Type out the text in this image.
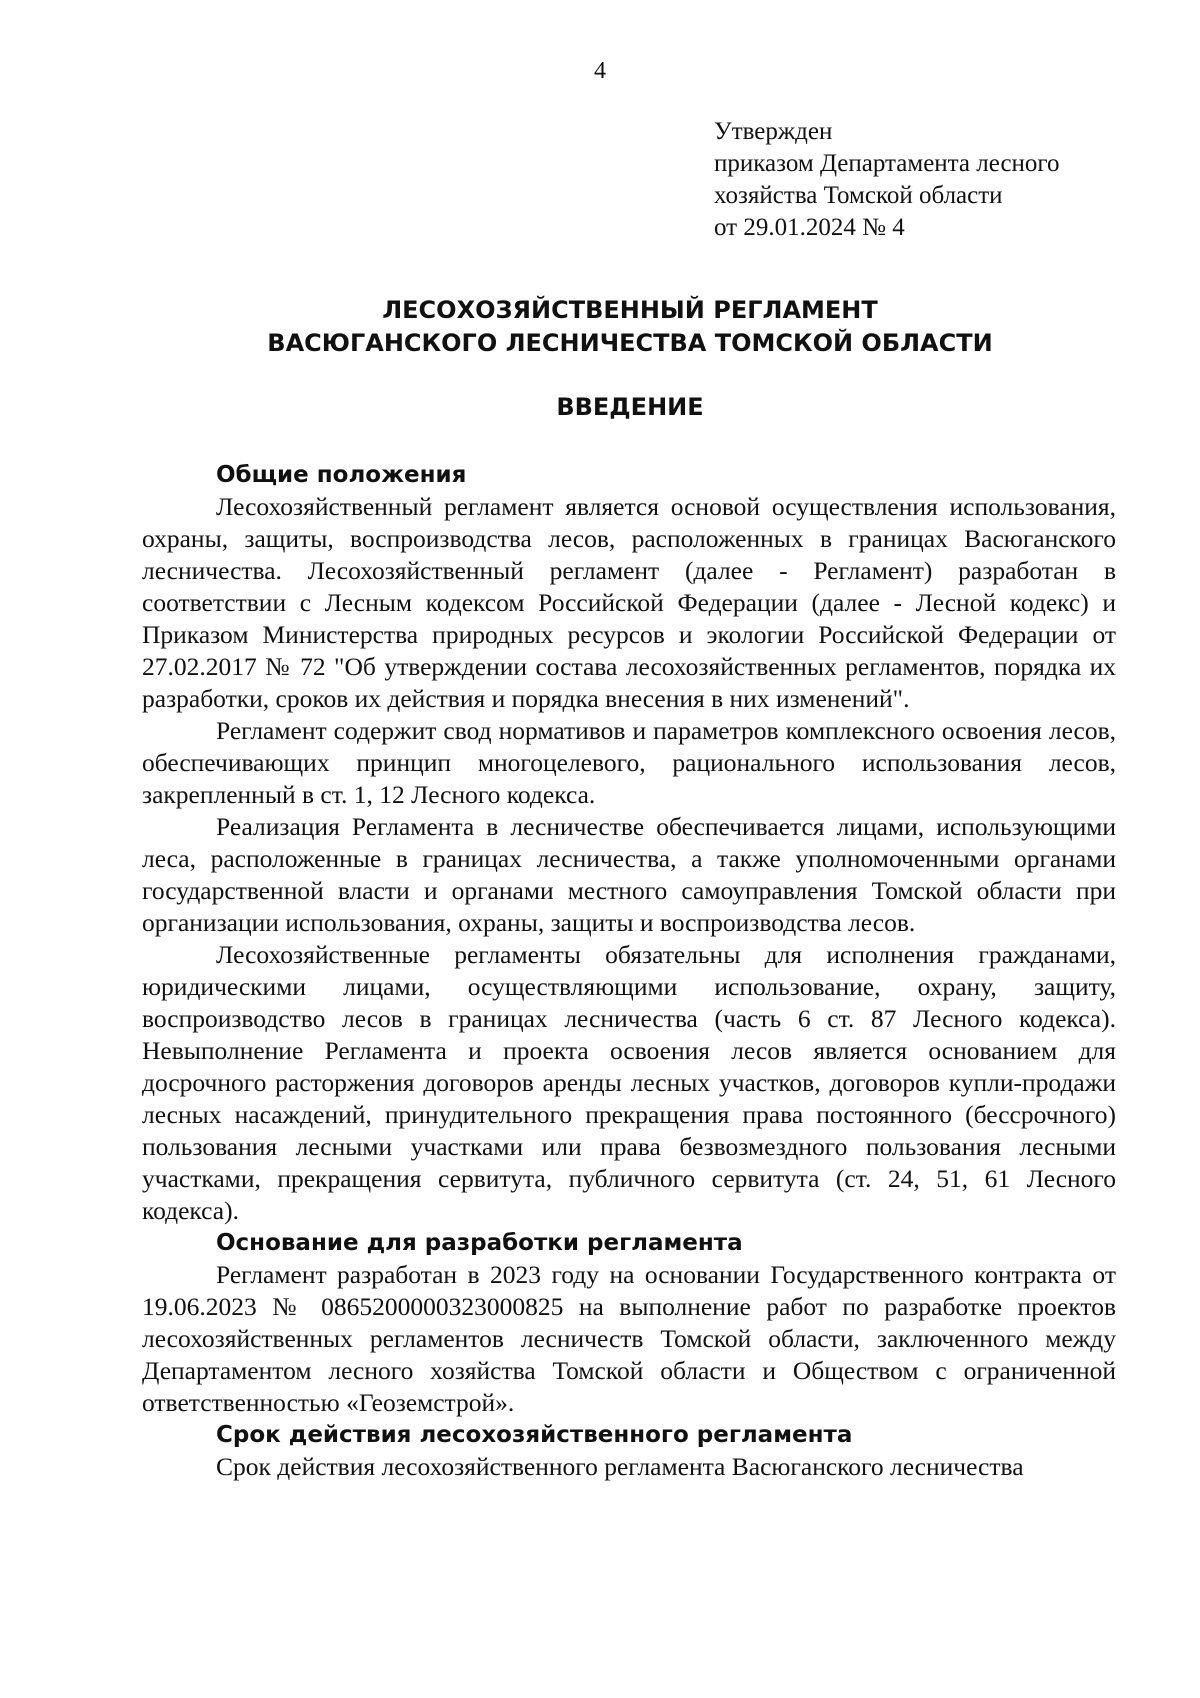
4
Утвержден
приказом Департамента лесного
хозяйства Томской области
от 29.01.2024 № 4
ЛЕСОХОЗЯЙСТВЕННЫЙ РЕГЛАМЕНТ
ВАСЮГАНСКОГО ЛЕСНИЧЕСТВА ТОМСКОЙ ОБЛАСТИ
ВВЕДЕНИЕ
Общие положения

Лесохозяйственный регламент является основой осуществления использования, охраны, защиты, воспроизводства лесов, расположенных в границах Васюганского лесничества. Лесохозяйственный регламент (далее - Регламент) разработан в соответствии с Лесным кодексом Российской Федерации (далее - Лесной кодекс) и Приказом Министерства природных ресурсов и экологии Российской Федерации от 27.02.2017 № 72 "Об утверждении состава лесохозяйственных регламентов, порядка их разработки, сроков их действия и порядка внесения в них изменений".

Регламент содержит свод нормативов и параметров комплексного освоения лесов, обеспечивающих принцип многоцелевого, рационального использования лесов, закрепленный в ст. 1, 12 Лесного кодекса.

Реализация Регламента в лесничестве обеспечивается лицами, использующими леса, расположенные в границах лесничества, а также уполномоченными органами государственной власти и органами местного самоуправления Томской области при организации использования, охраны, защиты и воспроизводства лесов.

Лесохозяйственные регламенты обязательны для исполнения гражданами, юридическими лицами, осуществляющими использование, охрану, защиту, воспроизводство лесов в границах лесничества (часть 6 ст. 87 Лесного кодекса). Невыполнение Регламента и проекта освоения лесов является основанием для досрочного расторжения договоров аренды лесных участков, договоров купли-продажи лесных насаждений, принудительного прекращения права постоянного (бессрочного) пользования лесными участками или права безвозмездного пользования лесными участками, прекращения сервитута, публичного сервитута (ст. 24, 51, 61 Лесного кодекса).

Основание для разработки регламента

Регламент разработан в 2023 году на основании Государственного контракта от 19.06.2023 № 0865200000323000825 на выполнение работ по разработке проектов лесохозяйственных регламентов лесничеств Томской области, заключенного между Департаментом лесного хозяйства Томской области и Обществом с ограниченной ответственностью «Геоземстрой».

Срок действия лесохозяйственного регламента

Срок действия лесохозяйственного регламента Васюганского лесничества
